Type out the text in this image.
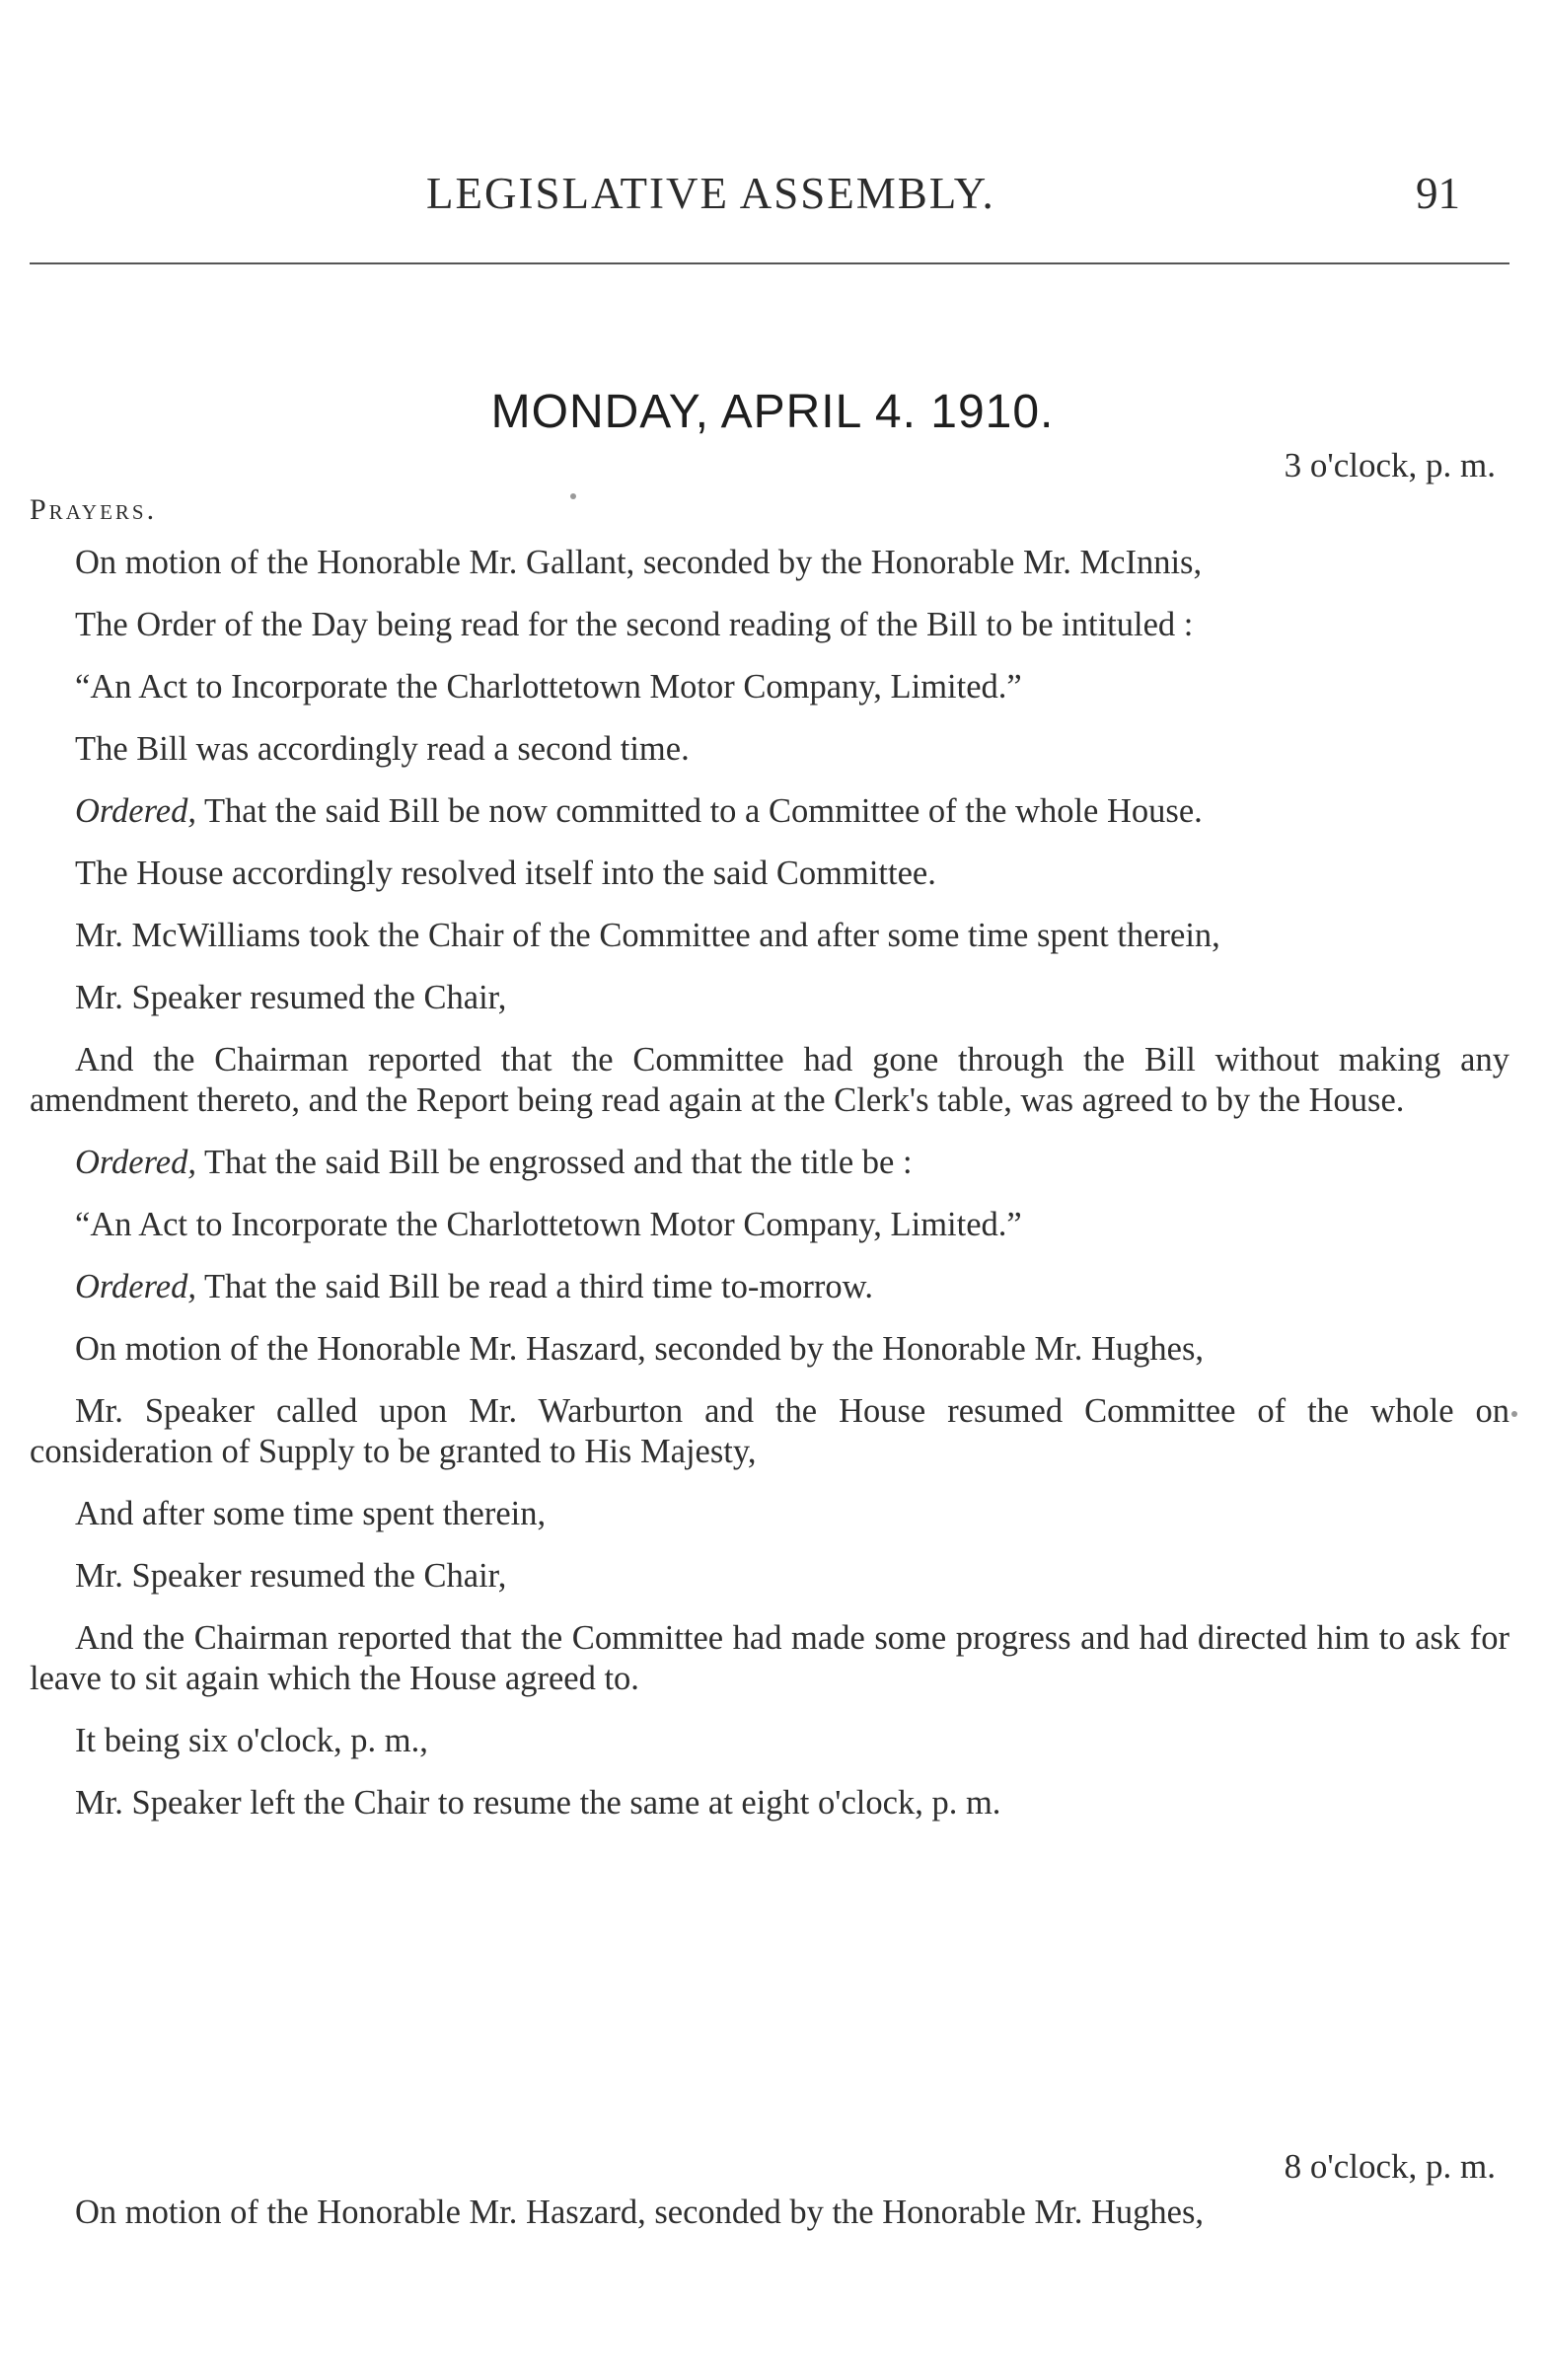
LEGISLATIVE ASSEMBLY.	91
MONDAY, APRIL 4. 1910.
3 o'clock, p. m.
Prayers.

On motion of the Honorable Mr. Gallant, seconded by the Honorable Mr. McInnis,

The Order of the Day being read for the second reading of the Bill to be intituled :

“An Act to Incorporate the Charlottetown Motor Company, Limited.”

The Bill was accordingly read a second time.

Ordered, That the said Bill be now committed to a Committee of the whole House.

The House accordingly resolved itself into the said Committee.

Mr. McWilliams took the Chair of the Committee and after some time spent therein,

Mr. Speaker resumed the Chair,

And the Chairman reported that the Committee had gone through the Bill without making any amendment thereto, and the Report being read again at the Clerk's table, was agreed to by the House.

Ordered, That the said Bill be engrossed and that the title be :

“An Act to Incorporate the Charlottetown Motor Company, Limited.”

Ordered, That the said Bill be read a third time to-morrow.

On motion of the Honorable Mr. Haszard, seconded by the Honorable Mr. Hughes,

Mr. Speaker called upon Mr. Warburton and the House resumed Committee of the whole on consideration of Supply to be granted to His Majesty,

And after some time spent therein,

Mr. Speaker resumed the Chair,

And the Chairman reported that the Committee had made some progress and had directed him to ask for leave to sit again which the House agreed to.

It being six o'clock, p. m.,

Mr. Speaker left the Chair to resume the same at eight o'clock, p. m.

8 o'clock, p. m.

On motion of the Honorable Mr. Haszard, seconded by the Honorable Mr. Hughes,
